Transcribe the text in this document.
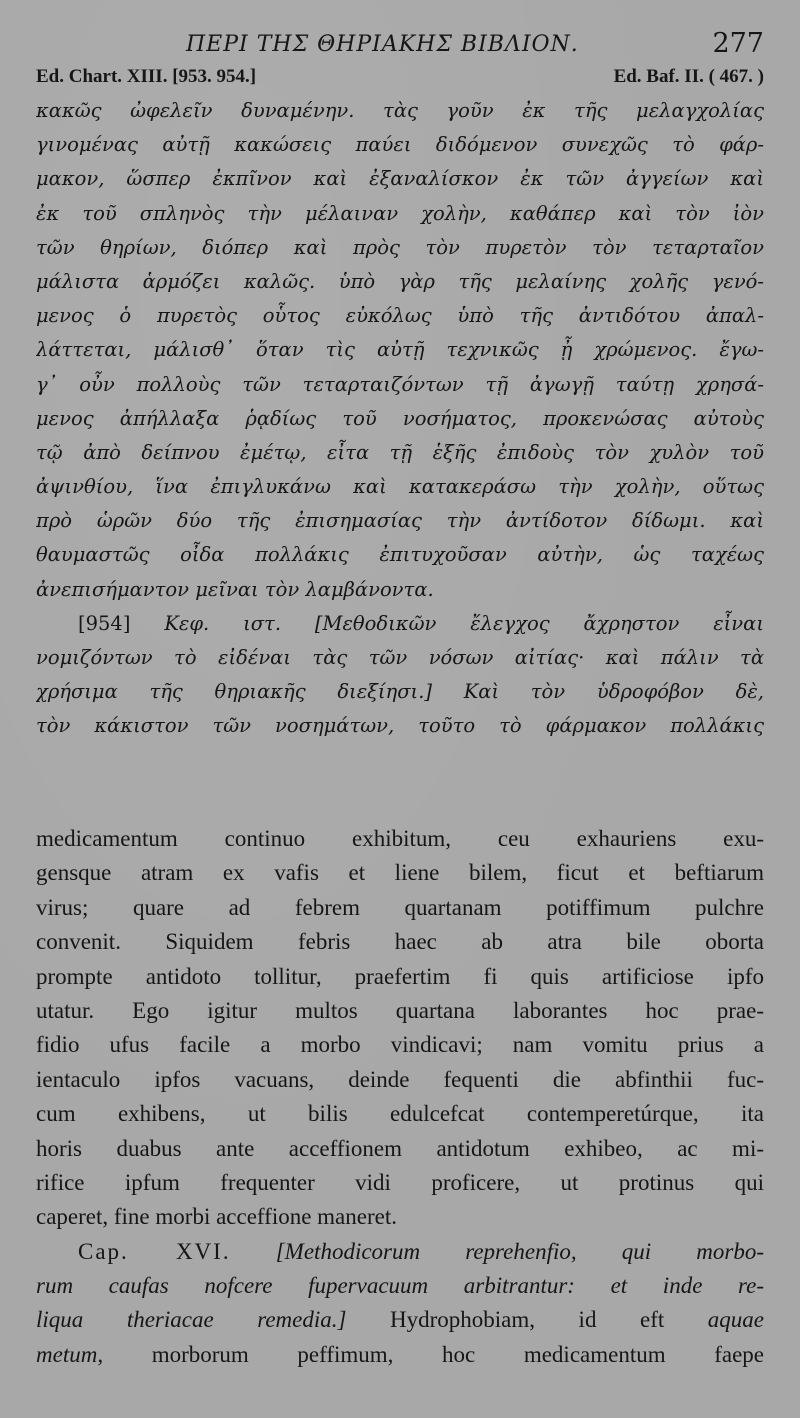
ΠΕΡΙ ΤΗΣ ΘΗΡΙΑΚΗΣ ΒΙΒΛΙΟΝ.	277
Ed. Chart. XIII. [953. 954.]	Ed. Baf. II. ( 467. )
κακῶς ὠφελεῖν δυναμένην. τὰς γοῦν ἐκ τῆς μελαγχολίας
γινομένας αὐτῇ κακώσεις παύει διδόμενον συνεχῶς τὸ φάρ-
μακον, ὥσπερ ἐκπῖνον καὶ ἐξαναλίσκον ἐκ τῶν ἀγγείων καὶ
ἐκ τοῦ σπληνὸς τὴν μέλαιναν χολὴν, καθάπερ καὶ τὸν ἰὸν
τῶν θηρίων, διόπερ καὶ πρὸς τὸν πυρετὸν τὸν τεταρταῖον
μάλιστα ἁρμόζει καλῶς. ὑπὸ γὰρ τῆς μελαίνης χολῆς γενό-
μενος ὁ πυρετὸς οὗτος εὐκόλως ὑπὸ τῆς ἀντιδότου ἀπαλ-
λάττεται, μάλισθ᾽ ὅταν τὶς αὐτῇ τεχνικῶς ᾖ χρώμενος. ἔγω-
γ᾽ οὖν πολλοὺς τῶν τεταρταιζόντων τῇ ἀγωγῇ ταύτῃ χρησά-
μενος ἀπήλλαξα ῥᾳδίως τοῦ νοσήματος, προκενώσας αὐτοὺς
τῷ ἀπὸ δείπνου ἐμέτῳ, εἶτα τῇ ἑξῆς ἐπιδοὺς τὸν χυλὸν τοῦ
ἀψινθίου, ἵνα ἐπιγλυκάνω καὶ κατακεράσω τὴν χολὴν, οὕτως
πρὸ ὡρῶν δύο τῆς ἐπισημασίας τὴν ἀντίδοτον δίδωμι. καὶ
θαυμαστῶς οἶδα πολλάκις ἐπιτυχοῦσαν αὐτὴν, ὡς ταχέως
ἀνεπισήμαντον μεῖναι τὸν λαμβάνοντα.
[954] Κεφ. ιστ. [Μεθοδικῶν ἔλεγχος ἄχρηστον εἶναι
νομιζόντων τὸ εἰδέναι τὰς τῶν νόσων αἰτίας· καὶ πάλιν τὰ
χρήσιμα τῆς θηριακῆς διεξίησι.] Καὶ τὸν ὑδροφόβον δὲ,
τὸν κάκιστον τῶν νοσημάτων, τοῦτο τὸ φάρμακον πολλάκις
medicamentum continuo exhibitum, ceu exhauriens exu-
gensque atram ex vafis et liene bilem, ficut et beftiarum
virus; quare ad febrem quartanam potiffimum pulchre
convenit. Siquidem febris haec ab atra bile oborta
prompte antidoto tollitur, praefertim fi quis artificiose ipfo
utatur. Ego igitur multos quartana laborantes hoc prae-
fidio ufus facile a morbo vindicavi; nam vomitu prius a
ientaculo ipfos vacuans, deinde fequenti die abfinthii fuc-
cum exhibens, ut bilis edulcefcat contemperetúrque, ita
horis duabus ante acceffionem antidotum exhibeo, ac mi-
rifice ipfum frequenter vidi proficere, ut protinus qui
caperet, fine morbi acceffione maneret.
Cap. XVI. [Methodicorum reprehenfio, qui morbo-
rum caufas nofcere fupervacuum arbitrantur: et inde re-
liqua theriacae remedia.] Hydrophobiam, id eft aquae
metum, morborum peffimum, hoc medicamentum faepe
